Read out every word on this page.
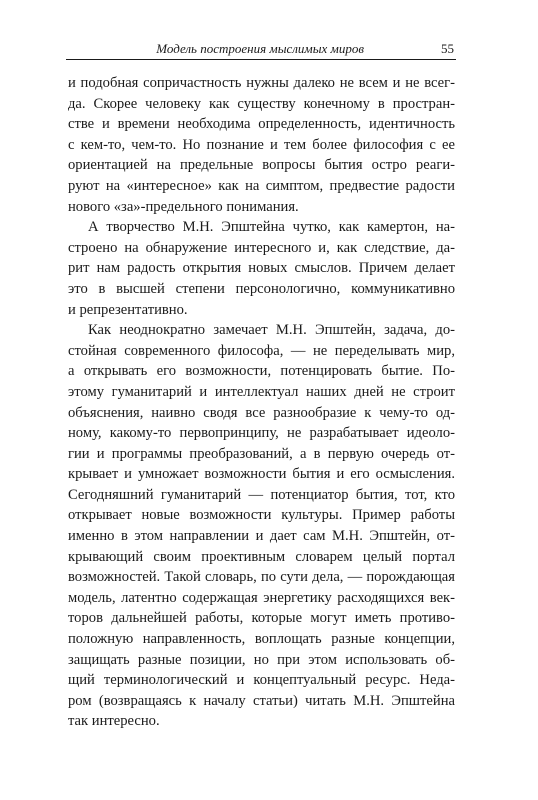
Модель построения мыслимых миров	55
и подобная сопричастность нужны далеко не всем и не всег-
да. Скорее человеку как существу конечному в простран-
стве и времени необходима определенность, идентичность
с кем-то, чем-то. Но познание и тем более философия с ее
ориентацией на предельные вопросы бытия остро реаги-
руют на «интересное» как на симптом, предвестие радости
нового «за»-предельного понимания.
А творчество М.Н. Эпштейна чутко, как камертон, на-
строено на обнаружение интересного и, как следствие, да-
рит нам радость открытия новых смыслов. Причем делает
это в высшей степени персонологично, коммуникативно
и репрезентативно.
Как неоднократно замечает М.Н. Эпштейн, задача, до-
стойная современного философа, — не переделывать мир,
а открывать его возможности, потенцировать бытие. По-
этому гуманитарий и интеллектуал наших дней не строит
объяснения, наивно сводя все разнообразие к чему-то од-
ному, какому-то первопринципу, не разрабатывает идеоло-
гии и программы преобразований, а в первую очередь от-
крывает и умножает возможности бытия и его осмысления.
Сегодняшний гуманитарий — потенциатор бытия, тот, кто
открывает новые возможности культуры. Пример работы
именно в этом направлении и дает сам М.Н. Эпштейн, от-
крывающий своим проективным словарем целый портал
возможностей. Такой словарь, по сути дела, — порождающая
модель, латентно содержащая энергетику расходящихся век-
торов дальнейшей работы, которые могут иметь противо-
положную направленность, воплощать разные концепции,
защищать разные позиции, но при этом использовать об-
щий терминологический и концептуальный ресурс. Неда-
ром (возвращаясь к началу статьи) читать М.Н. Эпштейна
так интересно.
